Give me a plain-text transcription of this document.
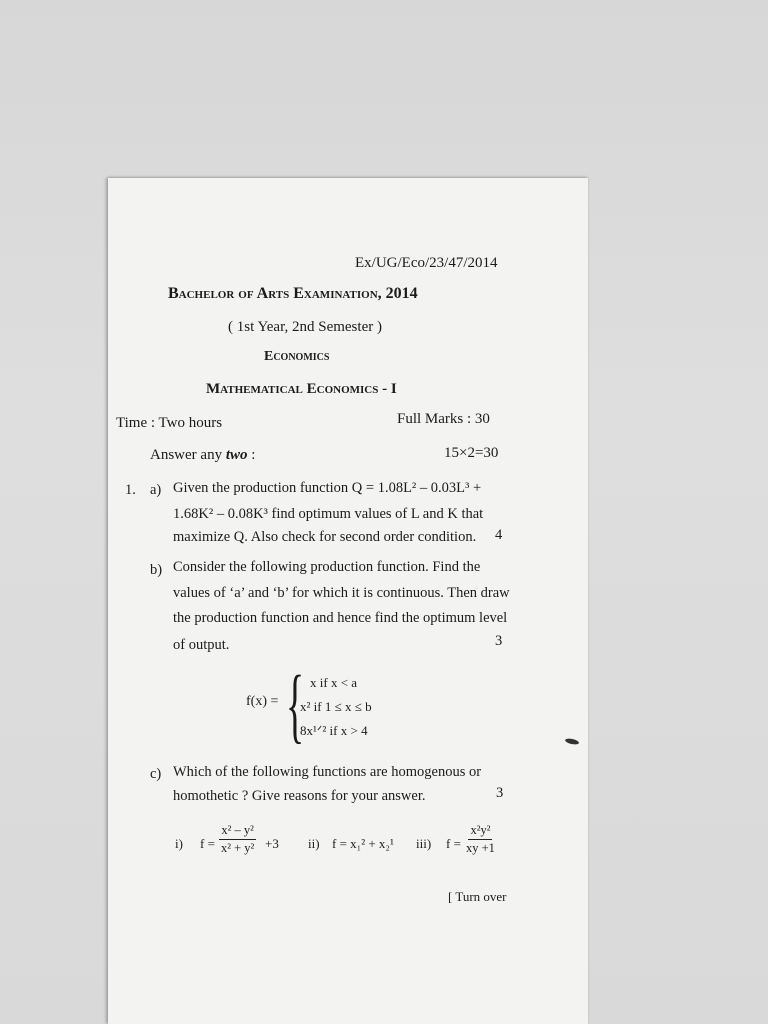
Ex/UG/Eco/23/47/2014
Bachelor of Arts Examination, 2014
( 1st Year, 2nd Semester )
Economics
Mathematical Economics - I
Time : Two hours	Full Marks : 30
Answer any two :	15×2=30
1. a) Given the production function Q = 1.08L² – 0.03L³ +
1.68K² – 0.08K³ find optimum values of L and K that
maximize Q. Also check for second order condition. 4
b) Consider the following production function. Find the
values of ‘a’ and ‘b’ for which it is continuous. Then draw
the production function and hence find the optimum level
of output.	3
f(x) = { x if x < a
x² if 1 ≤ x ≤ b
8x¹ᐟ² if x > 4
c) Which of the following functions are homogenous or
homothetic ? Give reasons for your answer.	3
i) $f = \frac{\text{x² – y²}}{\text{x² + y²}} +3$ ii) f = x₁² + x₂¹ iii) $f = \frac{\text{x²y²}}{xy +1}$
[ Turn over
